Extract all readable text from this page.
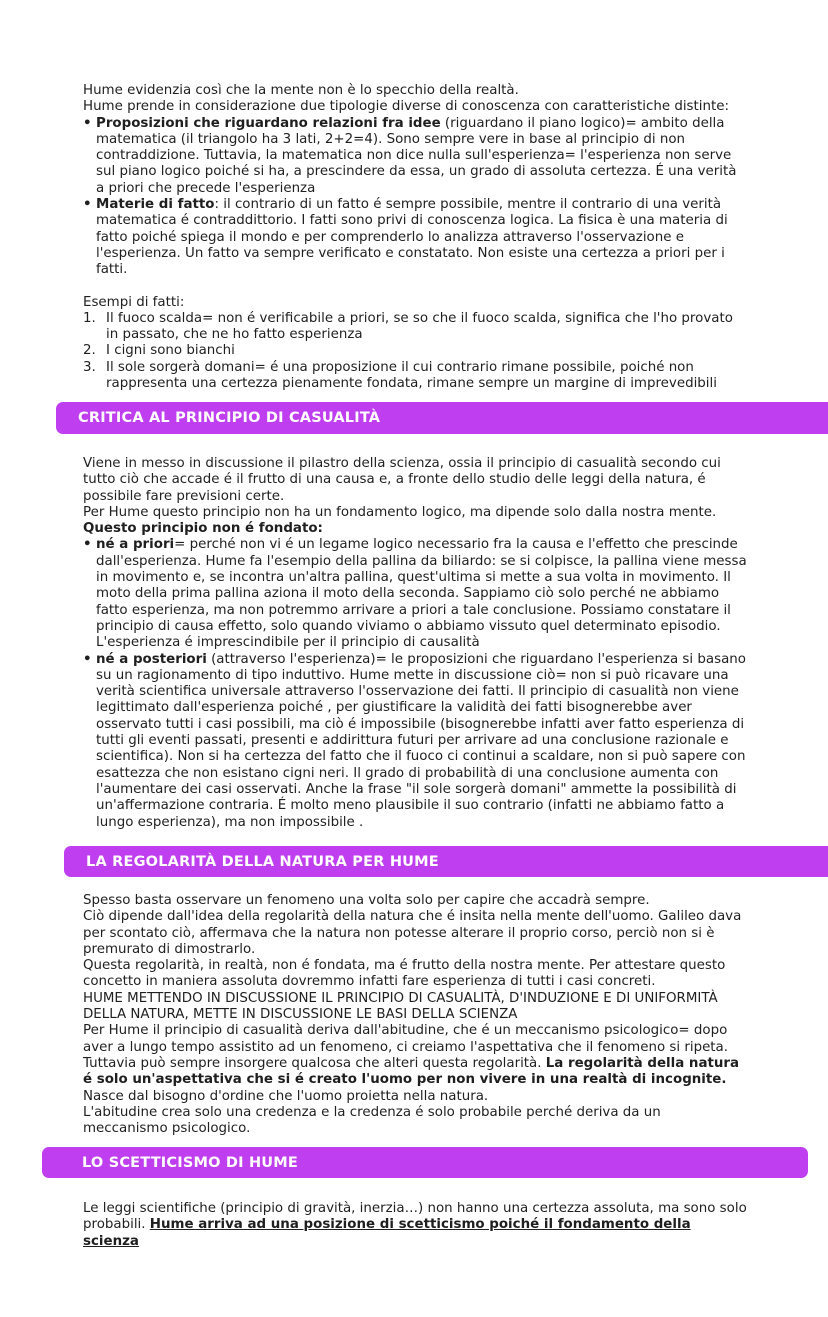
Hume evidenzia così che la mente non è lo specchio della realtà.

Hume prende in considerazione due tipologie diverse di conoscenza con caratteristiche distinte:

• Proposizioni che riguardano relazioni fra idee (riguardano il piano logico)= ambito della matematica (il triangolo ha 3 lati, 2+2=4). Sono sempre vere in base al principio di non contraddizione. Tuttavia, la matematica non dice nulla sull'esperienza= l'esperienza non serve sul piano logico poiché si ha, a prescindere da essa, un grado di assoluta certezza. É una verità a priori che precede l'esperienza
• Materie di fatto: il contrario di un fatto é sempre possibile, mentre il contrario di una verità matematica é contraddittorio. I fatti sono privi di conoscenza logica. La fisica è una materia di fatto poiché spiega il mondo e per comprenderlo lo analizza attraverso l'osservazione e l'esperienza. Un fatto va sempre verificato e constatato. Non esiste una certezza a priori per i fatti.

Esempi di fatti:

1. Il fuoco scalda= non é verificabile a priori, se so che il fuoco scalda, significa che l'ho provato in passato, che ne ho fatto esperienza
2. I cigni sono bianchi
3. Il sole sorgerà domani= é una proposizione il cui contrario rimane possibile, poiché non rappresenta una certezza pienamente fondata, rimane sempre un margine di imprevedibili
CRITICA AL PRINCIPIO DI CASUALITÀ

Viene in messo in discussione il pilastro della scienza, ossia il principio di casualità secondo cui tutto ciò che accade é il frutto di una causa e, a fronte dello studio delle leggi della natura, é possibile fare previsioni certe.

Per Hume questo principio non ha un fondamento logico, ma dipende solo dalla nostra mente.

Questo principio non é fondato:

• né a priori= perché non vi é un legame logico necessario fra la causa e l'effetto che prescinde dall'esperienza. Hume fa l'esempio della pallina da biliardo: se si colpisce, la pallina viene messa in movimento e, se incontra un'altra pallina, quest'ultima si mette a sua volta in movimento. Il moto della prima pallina aziona il moto della seconda. Sappiamo ciò solo perché ne abbiamo fatto esperienza, ma non potremmo arrivare a priori a tale conclusione. Possiamo constatare il principio di causa effetto, solo quando viviamo o abbiamo vissuto quel determinato episodio. L'esperienza é imprescindibile per il principio di causalità
• né a posteriori (attraverso l'esperienza)= le proposizioni che riguardano l'esperienza si basano su un ragionamento di tipo induttivo. Hume mette in discussione ciò= non si può ricavare una verità scientifica universale attraverso l'osservazione dei fatti. Il principio di casualità non viene legittimato dall'esperienza poiché , per giustificare la validità dei fatti bisognerebbe aver osservato tutti i casi possibili, ma ciò é impossibile (bisognerebbe infatti aver fatto esperienza di tutti gli eventi passati, presenti e addirittura futuri per arrivare ad una conclusione razionale e scientifica). Non si ha certezza del fatto che il fuoco ci continui a scaldare, non si può sapere con esattezza che non esistano cigni neri. Il grado di probabilità di una conclusione aumenta con l'aumentare dei casi osservati. Anche la frase "il sole sorgerà domani" ammette la possibilità di un'affermazione contraria. É molto meno plausibile il suo contrario (infatti ne abbiamo fatto a lungo esperienza), ma non impossibile .
LA REGOLARITÀ DELLA NATURA PER HUME

Spesso basta osservare un fenomeno una volta solo per capire che accadrà sempre.

Ciò dipende dall'idea della regolarità della natura che é insita nella mente dell'uomo. Galileo dava per scontato ciò, affermava che la natura non potesse alterare il proprio corso, perciò non si è premurato di dimostrarlo.

Questa regolarità, in realtà, non é fondata, ma é frutto della nostra mente. Per attestare questo concetto in maniera assoluta dovremmo infatti fare esperienza di tutti i casi concreti.

HUME METTENDO IN DISCUSSIONE IL PRINCIPIO DI CASUALITÀ, D'INDUZIONE E DI UNIFORMITÀ DELLA NATURA, METTE IN DISCUSSIONE LE BASI DELLA SCIENZA

Per Hume il principio di casualità deriva dall'abitudine, che é un meccanismo psicologico= dopo aver a lungo tempo assistito ad un fenomeno, ci creiamo l'aspettativa che il fenomeno si ripeta. Tuttavia può sempre insorgere qualcosa che alteri questa regolarità. La regolarità della natura é solo un'aspettativa che si é creato l'uomo per non vivere in una realtà di incognite. Nasce dal bisogno d'ordine che l'uomo proietta nella natura.

L'abitudine crea solo una credenza e la credenza é solo probabile perché deriva da un meccanismo psicologico.

LO SCETTICISMO DI HUME

Le leggi scientifiche (principio di gravità, inerzia…) non hanno una certezza assoluta, ma sono solo probabili. Hume arriva ad una posizione di scetticismo poiché il fondamento della scienza
